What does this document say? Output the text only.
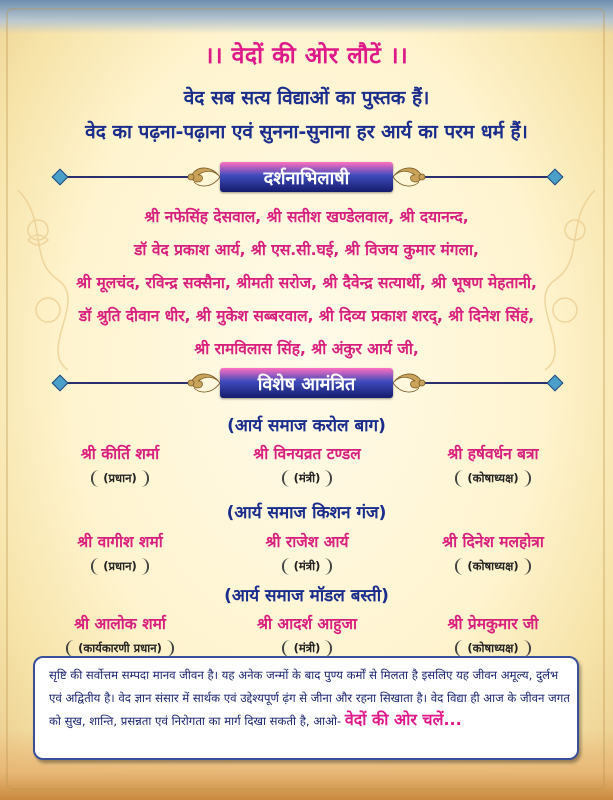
।। वेदों की ओर लौटें ।।
वेद सब सत्य विद्याओं का पुस्तक हैं।
वेद का पढ़ना-पढ़ाना एवं सुनना-सुनाना हर आर्य का परम धर्म हैं।
दर्शनाभिलाषी
श्री नफेसिंह देसवाल, श्री सतीश खण्डेलवाल, श्री दयानन्द,
डॉ वेद प्रकाश आर्य, श्री एस.सी.घई, श्री विजय कुमार मंगला,
श्री मूलचंद, रविन्द्र सक्सैना, श्रीमती सरोज, श्री दैवेन्द्र सत्यार्थी, श्री भूषण मेहतानी,
डॉ श्रुति दीवान धीर, श्री मुकेश सब्बरवाल, श्री दिव्य प्रकाश शरद्, श्री दिनेश सिंहं,
श्री रामविलास सिंह, श्री अंकुर आर्य जी,
विशेष आमंत्रित
(आर्य समाज करोल बाग)
श्री कीर्ति शर्मा
(प्रधान)
श्री विनयव्रत टण्डल
(मंत्री)
श्री हर्षवर्धन बत्रा
(कोषाध्यक्ष)
(आर्य समाज किशन गंज)
श्री वागीश शर्मा
(प्रधान)
श्री राजेश आर्य
(मंत्री)
श्री दिनेश मलहोत्रा
(कोषाध्यक्ष)
(आर्य समाज मॉडल बस्ती)
श्री आलोक शर्मा
(कार्यकारणी प्रधान)
श्री आदर्श आहुजा
(मंत्री)
श्री प्रेमकुमार जी
(कोषाध्यक्ष)
सृष्टि की सर्वोत्तम सम्पदा मानव जीवन है। यह अनेक जन्मों के बाद पुण्य कर्मों से मिलता है इसलिए यह जीवन अमूल्य, दुर्लभ एवं अद्वितीय है। वेद ज्ञान संसार में सार्थक एवं उद्देश्यपूर्ण ढ़ंग से जीना और रहना सिखाता है। वेद विद्या ही आज के जीवन जगत को सुख, शान्ति, प्रसन्नता एवं निरोगता का मार्ग दिखा सकती है, आओ- वेदों की ओर चलें...
